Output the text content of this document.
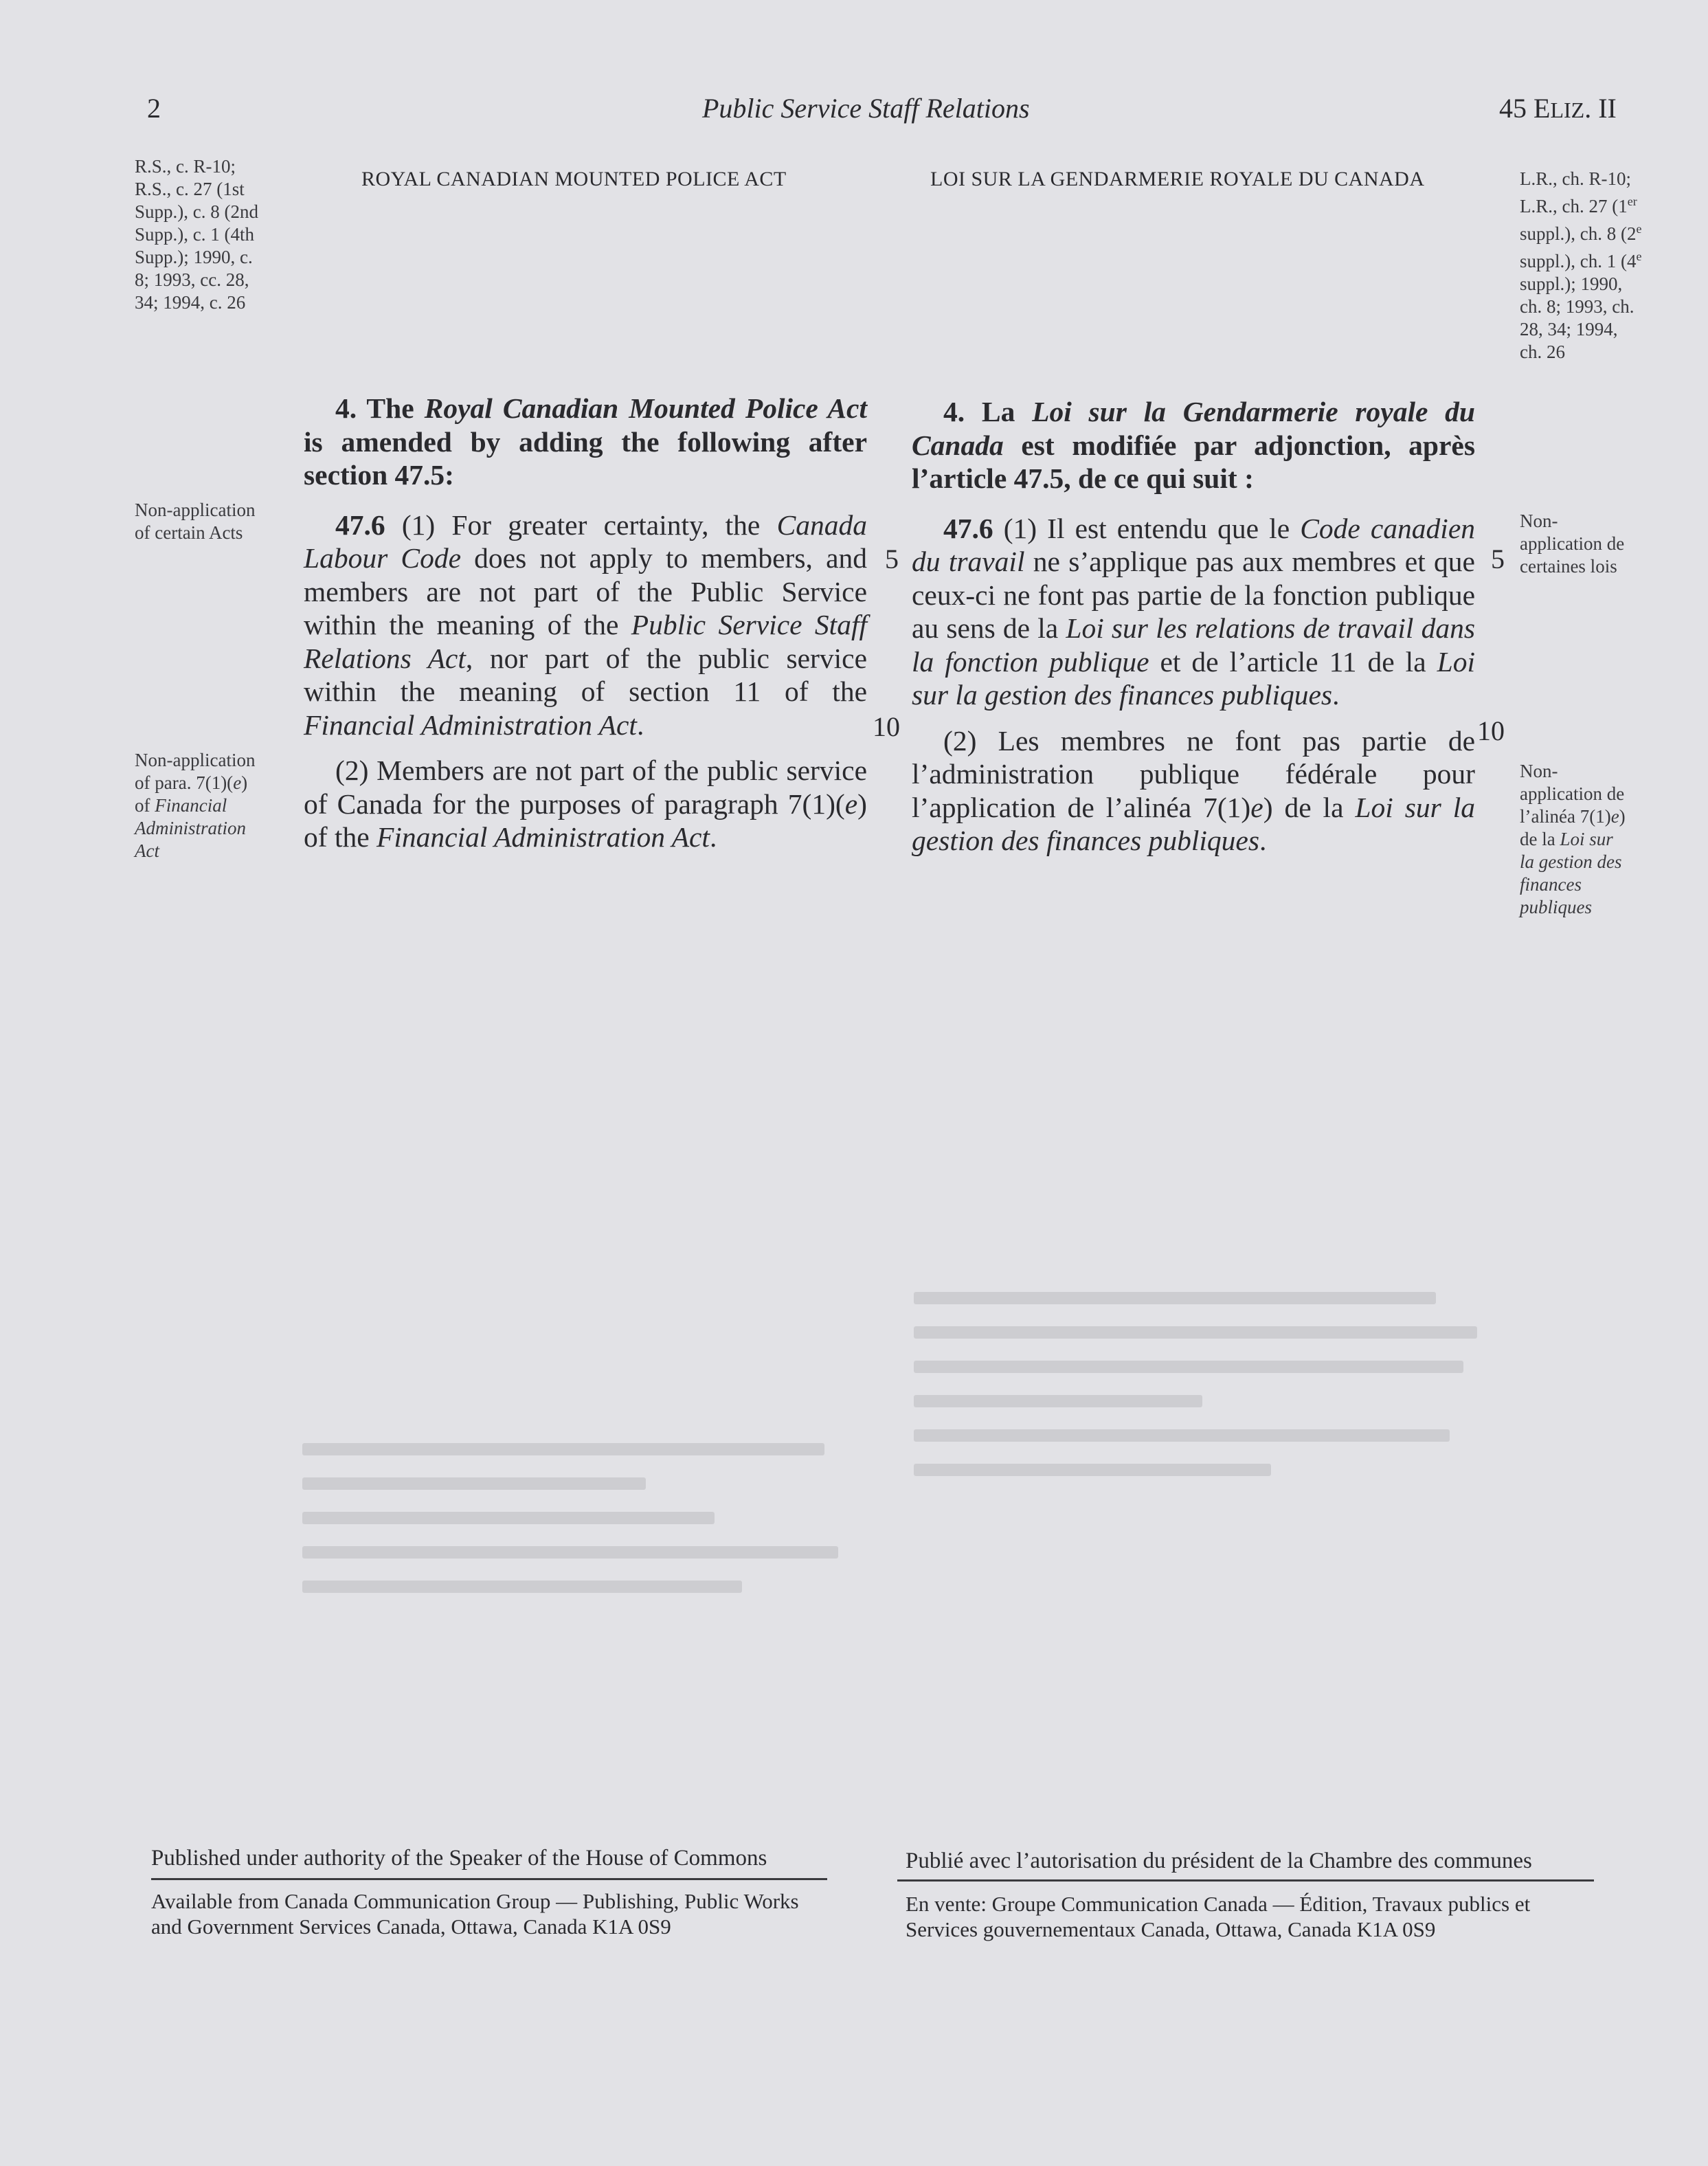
2	Public Service Staff Relations	45 ELIZ. II
R.S., c. R-10; R.S., c. 27 (1st Supp.), c. 8 (2nd Supp.), c. 1 (4th Supp.); 1990, c. 8; 1993, cc. 28, 34; 1994, c. 26
Non-application of certain Acts
Non-application of para. 7(1)(e) of Financial Administration Act
L.R., ch. R-10; L.R., ch. 27 (1er suppl.), ch. 8 (2e suppl.), ch. 1 (4e suppl.); 1990, ch. 8; 1993, ch. 28, 34; 1994, ch. 26
Non-application de certaines lois
Non-application de l’alinéa 7(1)e) de la Loi sur la gestion des finances publiques
ROYAL CANADIAN MOUNTED POLICE ACT	LOI SUR LA GENDARMERIE ROYALE DU CANADA

4. The Royal Canadian Mounted Police Act is amended by adding the following after section 47.5:

47.6 (1) For greater certainty, the Canada Labour Code does not apply to members, and members are not part of the Public Service within the meaning of the Public Service Staff Relations Act, nor part of the public service within the meaning of section 11 of the Financial Administration Act.

(2) Members are not part of the public service of Canada for the purposes of paragraph 7(1)(e) of the Financial Administration Act.

4. La Loi sur la Gendarmerie royale du Canada est modifiée par adjonction, après l’article 47.5, de ce qui suit :

47.6 (1) Il est entendu que le Code canadien du travail ne s’applique pas aux membres et que ceux-ci ne font pas partie de la fonction publique au sens de la Loi sur les relations de travail dans la fonction publique et de l’article 11 de la Loi sur la gestion des finances publiques.

(2) Les membres ne font pas partie de l’administration publique fédérale pour l’application de l’alinéa 7(1)e) de la Loi sur la gestion des finances publiques.

5
10
5
10
Published under authority of the Speaker of the House of Commons
Available from Canada Communication Group — Publishing, Public Works and Government Services Canada, Ottawa, Canada K1A 0S9
Publié avec l’autorisation du président de la Chambre des communes
En vente: Groupe Communication Canada — Édition, Travaux publics et Services gouvernementaux Canada, Ottawa, Canada K1A 0S9
